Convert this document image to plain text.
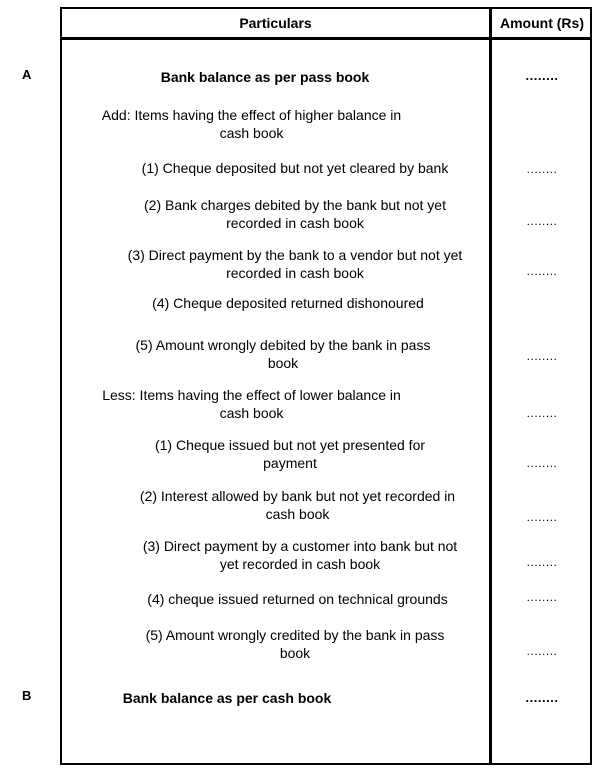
Particulars	Amount (Rs)
A	Bank balance as per pass book	........
Add: Items having the effect of higher balance in
cash book
(1) Cheque deposited but not yet cleared by bank	........
(2) Bank charges debited by the bank but not yet
recorded in cash book	........
(3) Direct payment by the bank to a vendor but not yet
recorded in cash book	........
(4) Cheque deposited returned dishonoured
(5) Amount wrongly debited by the bank in pass
book	........
Less: Items having the effect of lower balance in
cash book	........
(1) Cheque issued but not yet presented for
payment	........
(2) Interest allowed by bank but not yet recorded in
cash book	........
(3) Direct payment by a customer into bank but not
yet recorded in cash book	........
(4) cheque issued returned on technical grounds	........
(5) Amount wrongly credited by the bank in pass
book	........
B	Bank balance as per cash book	........
